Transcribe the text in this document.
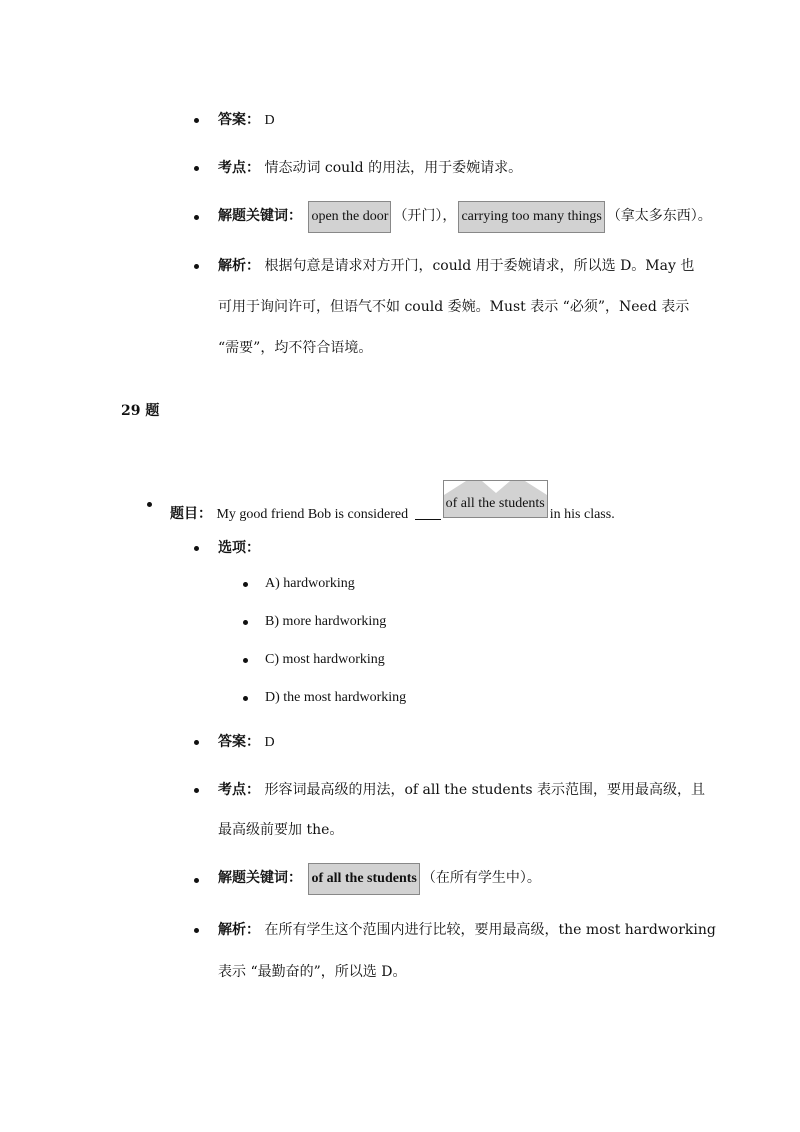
答案： D
考点： 情态动词 could 的用法，用于委婉请求。
解题关键词： open the door （开门）， carrying too many things （拿太多东西）。
解析： 根据句意是请求对方开门，could 用于委婉请求，所以选 D。May 也
可用于询问许可，但语气不如 could 委婉。Must 表示 “必须”，Need 表示
“需要”，均不符合语境。
29 题
题目： My good friend Bob is considered
of all the studentsin his class.
选项：
A) hardworking
B) more hardworking
C) most hardworking
D) the most hardworking
答案： D
考点： 形容词最高级的用法，of all the students 表示范围，要用最高级，且
最高级前要加 the。
解题关键词： of all the students （在所有学生中）。
解析： 在所有学生这个范围内进行比较，要用最高级，the most hardworking
表示 “最勤奋的”，所以选 D。
